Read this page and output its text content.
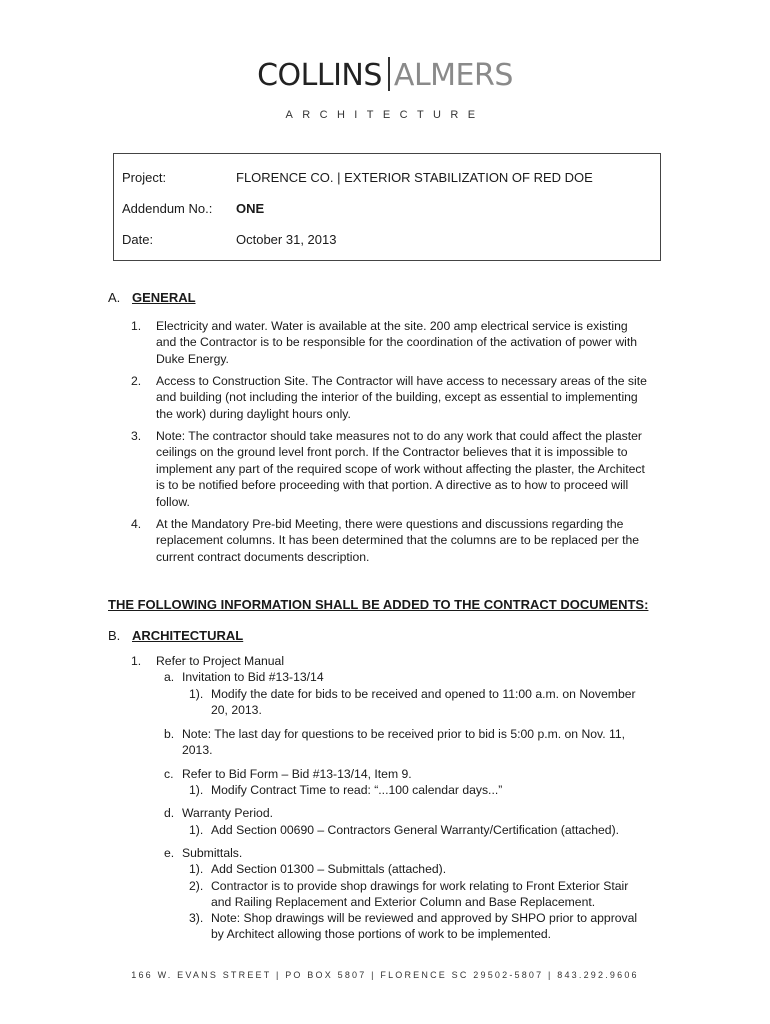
COLLINS ALMERS
ARCHITECTURE
Project:	FLORENCE CO. | EXTERIOR STABILIZATION OF RED DOE
Addendum No.:	ONE
Date:	October 31, 2013
A. GENERAL
1. Electricity and water. Water is available at the site. 200 amp electrical service is existing and the Contractor is to be responsible for the coordination of the activation of power with Duke Energy.
2. Access to Construction Site. The Contractor will have access to necessary areas of the site and building (not including the interior of the building, except as essential to implementing the work) during daylight hours only.
3. Note: The contractor should take measures not to do any work that could affect the plaster ceilings on the ground level front porch. If the Contractor believes that it is impossible to implement any part of the required scope of work without affecting the plaster, the Architect is to be notified before proceeding with that portion. A directive as to how to proceed will follow.
4. At the Mandatory Pre-bid Meeting, there were questions and discussions regarding the replacement columns. It has been determined that the columns are to be replaced per the current contract documents description.
THE FOLLOWING INFORMATION SHALL BE ADDED TO THE CONTRACT DOCUMENTS:
B. ARCHITECTURAL
1. Refer to Project Manual
a. Invitation to Bid #13-13/14
1). Modify the date for bids to be received and opened to 11:00 a.m. on November 20, 2013.
b. Note: The last day for questions to be received prior to bid is 5:00 p.m. on Nov. 11, 2013.
c. Refer to Bid Form – Bid #13-13/14, Item 9.
1). Modify Contract Time to read: “...100 calendar days...”
d. Warranty Period.
1). Add Section 00690 – Contractors General Warranty/Certification (attached).
e. Submittals.
1). Add Section 01300 – Submittals (attached).
2). Contractor is to provide shop drawings for work relating to Front Exterior Stair and Railing Replacement and Exterior Column and Base Replacement.
3). Note: Shop drawings will be reviewed and approved by SHPO prior to approval by Architect allowing those portions of work to be implemented.
166 W. EVANS STREET | PO BOX 5807 | FLORENCE SC 29502-5807 | 843.292.9606
